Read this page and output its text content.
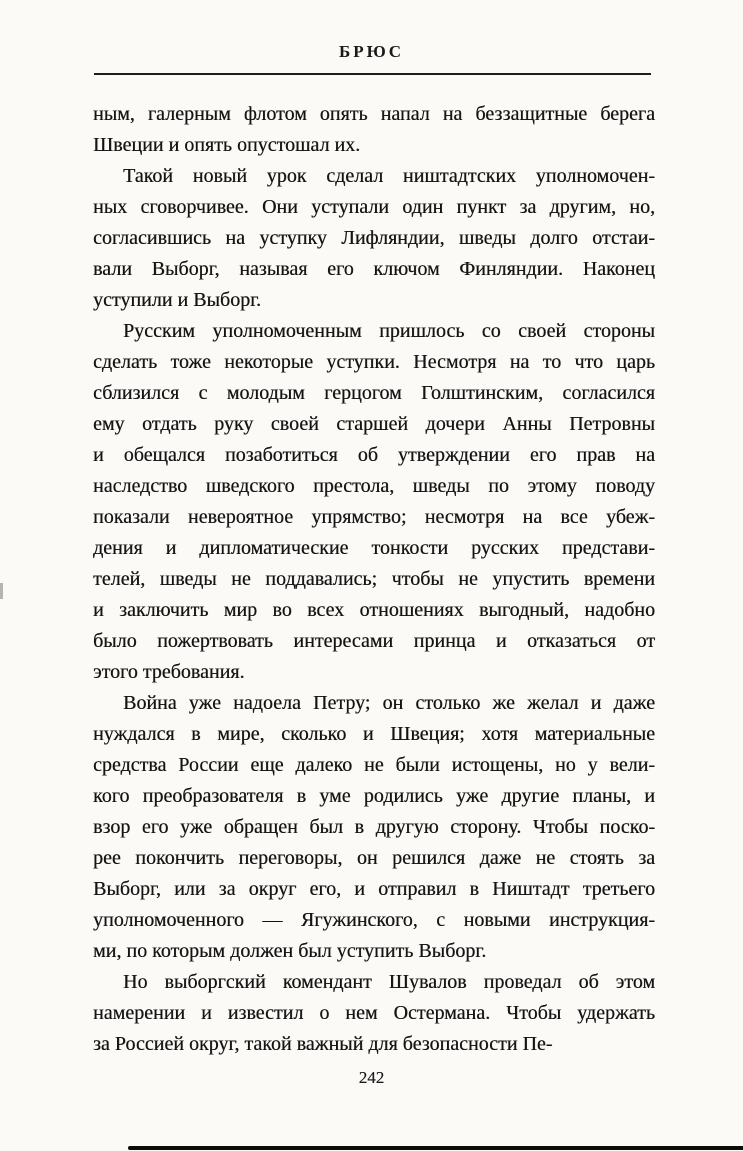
БРЮС
ным, галерным флотом опять напал на беззащитные берега
Швеции и опять опустошал их.
Такой новый урок сделал ништадтских уполномочен-
ных сговорчивее. Они уступали один пункт за другим, но,
согласившись на уступку Лифляндии, шведы долго отстаи-
вали Выборг, называя его ключом Финляндии. Наконец
уступили и Выборг.
Русским уполномоченным пришлось со своей стороны
сделать тоже некоторые уступки. Несмотря на то что царь
сблизился с молодым герцогом Голштинским, согласился
ему отдать руку своей старшей дочери Анны Петровны
и обещался позаботиться об утверждении его прав на
наследство шведского престола, шведы по этому поводу
показали невероятное упрямство; несмотря на все убеж-
дения и дипломатические тонкости русских представи-
телей, шведы не поддавались; чтобы не упустить времени
и заключить мир во всех отношениях выгодный, надобно
было пожертвовать интересами принца и отказаться от
этого требования.
Война уже надоела Петру; он столько же желал и даже
нуждался в мире, сколько и Швеция; хотя материальные
средства России еще далеко не были истощены, но у вели-
кого преобразователя в уме родились уже другие планы, и
взор его уже обращен был в другую сторону. Чтобы поско-
рее покончить переговоры, он решился даже не стоять за
Выборг, или за округ его, и отправил в Ништадт третьего
уполномоченного — Ягужинского, с новыми инструкция-
ми, по которым должен был уступить Выборг.
Но выборгский комендант Шувалов проведал об этом
намерении и известил о нем Остермана. Чтобы удержать
за Россией округ, такой важный для безопасности Пе-
242
